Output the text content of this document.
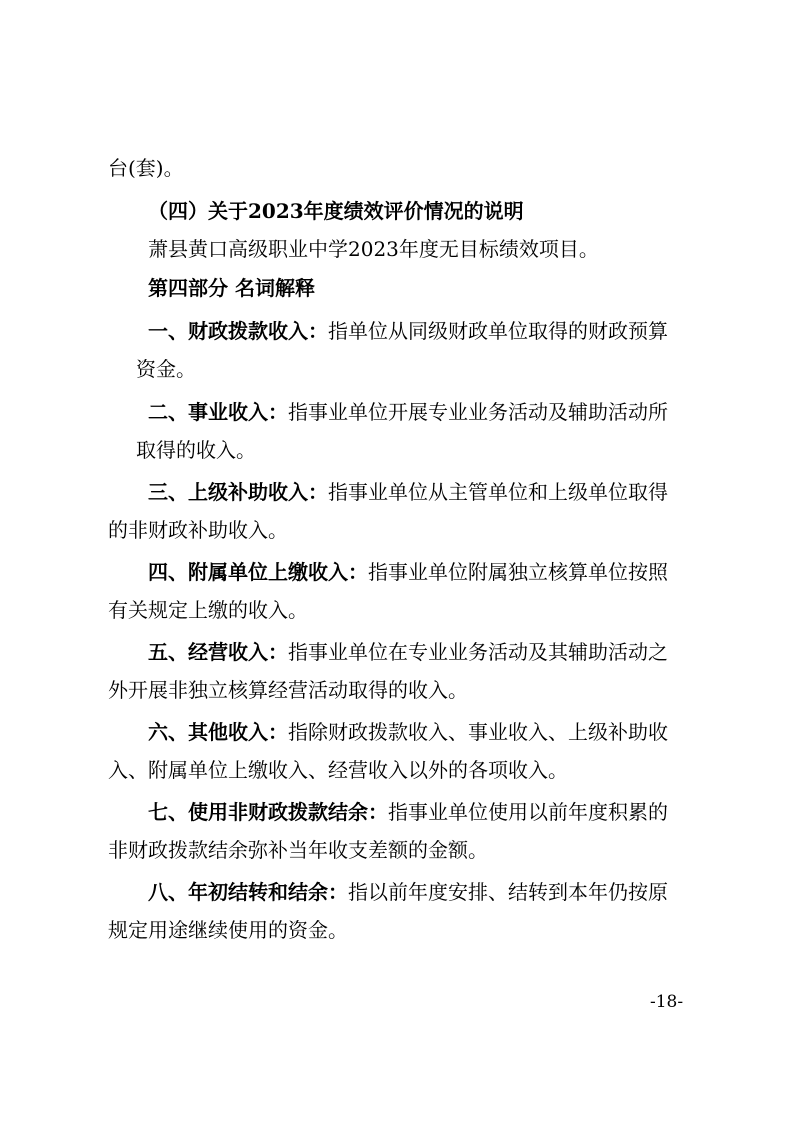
台(套)。

（四）关于2023年度绩效评价情况的说明

萧县黄口高级职业中学2023年度无目标绩效项目。

第四部分 名词解释

一、财政拨款收入：指单位从同级财政单位取得的财政预算

资金。

二、事业收入：指事业单位开展专业业务活动及辅助活动所

取得的收入。

三、上级补助收入：指事业单位从主管单位和上级单位取得

的非财政补助收入。

四、附属单位上缴收入：指事业单位附属独立核算单位按照

有关规定上缴的收入。

五、经营收入：指事业单位在专业业务活动及其辅助活动之

外开展非独立核算经营活动取得的收入。

六、其他收入：指除财政拨款收入、事业收入、上级补助收

入、附属单位上缴收入、经营收入以外的各项收入。

七、使用非财政拨款结余：指事业单位使用以前年度积累的

非财政拨款结余弥补当年收支差额的金额。

八、年初结转和结余：指以前年度安排、结转到本年仍按原

规定用途继续使用的资金。

-18-
